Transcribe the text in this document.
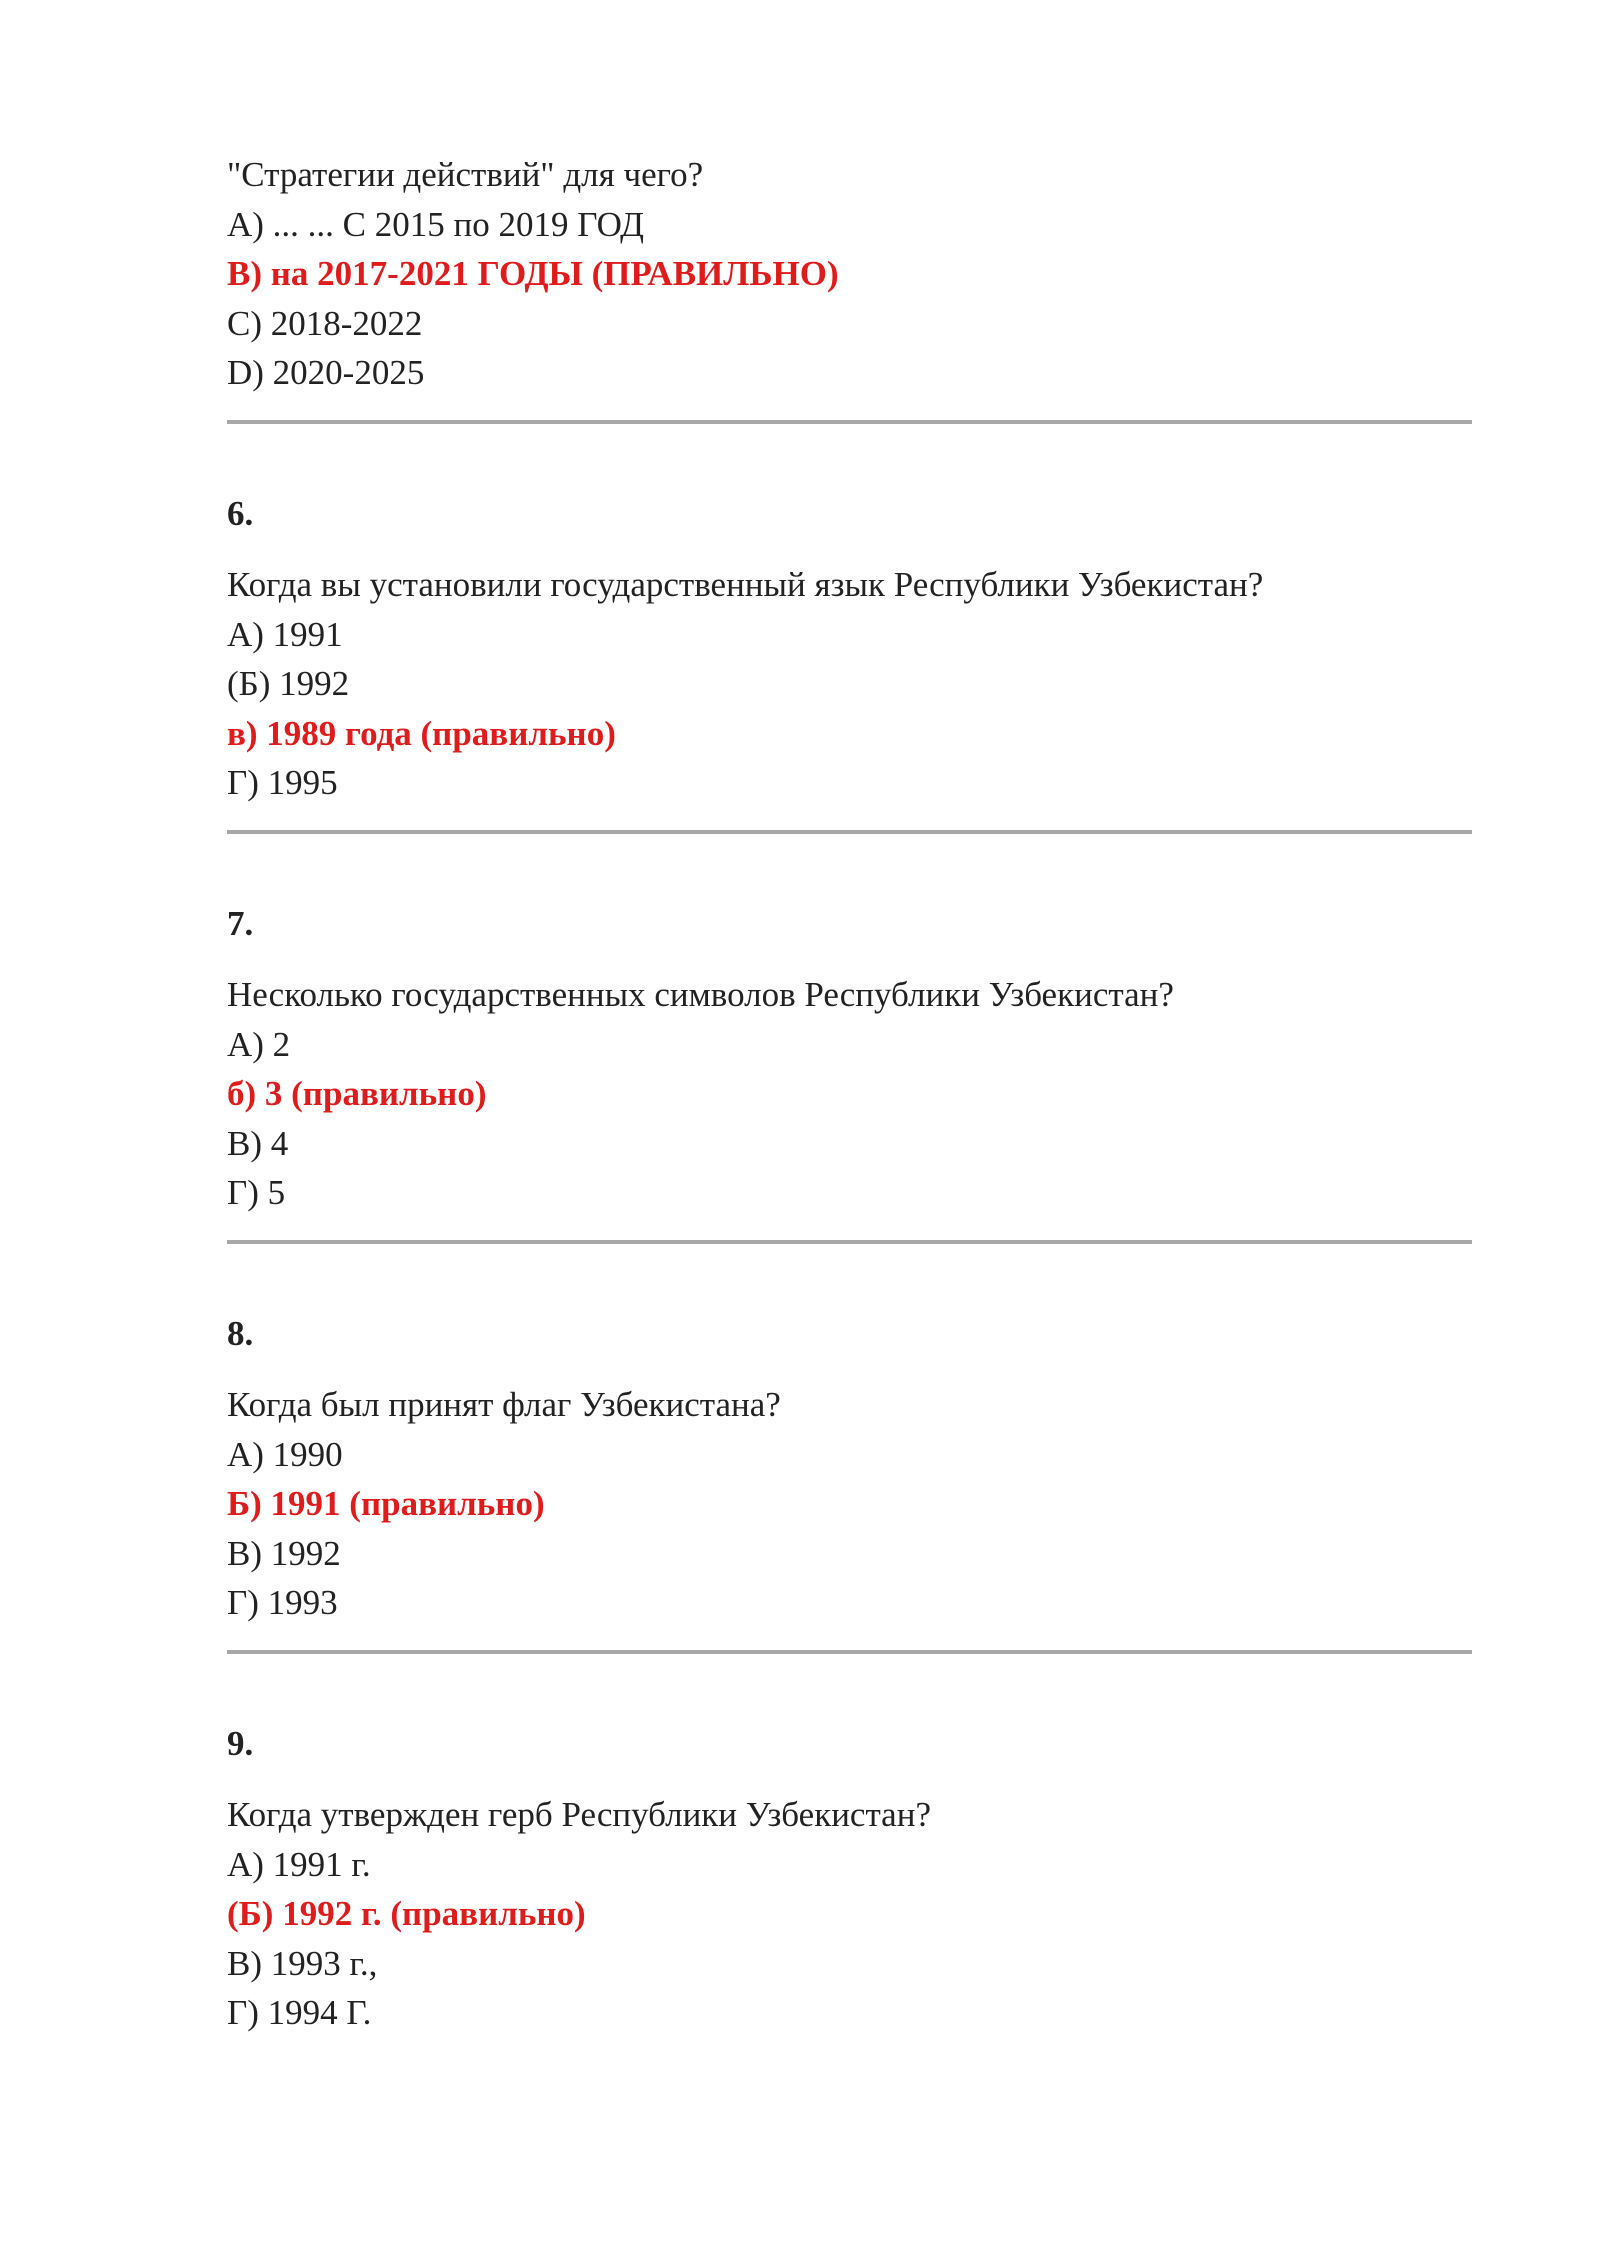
"Стратегии действий" для чего?
A) ... ... С 2015 по 2019 ГОД
B) на 2017-2021 ГОДЫ (ПРАВИЛЬНО)
C) 2018-2022
D) 2020-2025
6.
Когда вы установили государственный язык Республики Узбекистан?
A) 1991
(Б) 1992
в) 1989 года (правильно)
Г) 1995
7.
Несколько государственных символов Республики Узбекистан?
A) 2
б) 3 (правильно)
B) 4
Г) 5
8.
Когда был принят флаг Узбекистана?
A) 1990
Б) 1991 (правильно)
B) 1992
Г) 1993
9.
Когда утвержден герб Республики Узбекистан?
A) 1991 г.
(Б) 1992 г. (правильно)
B) 1993 г.,
Г) 1994 Г.
